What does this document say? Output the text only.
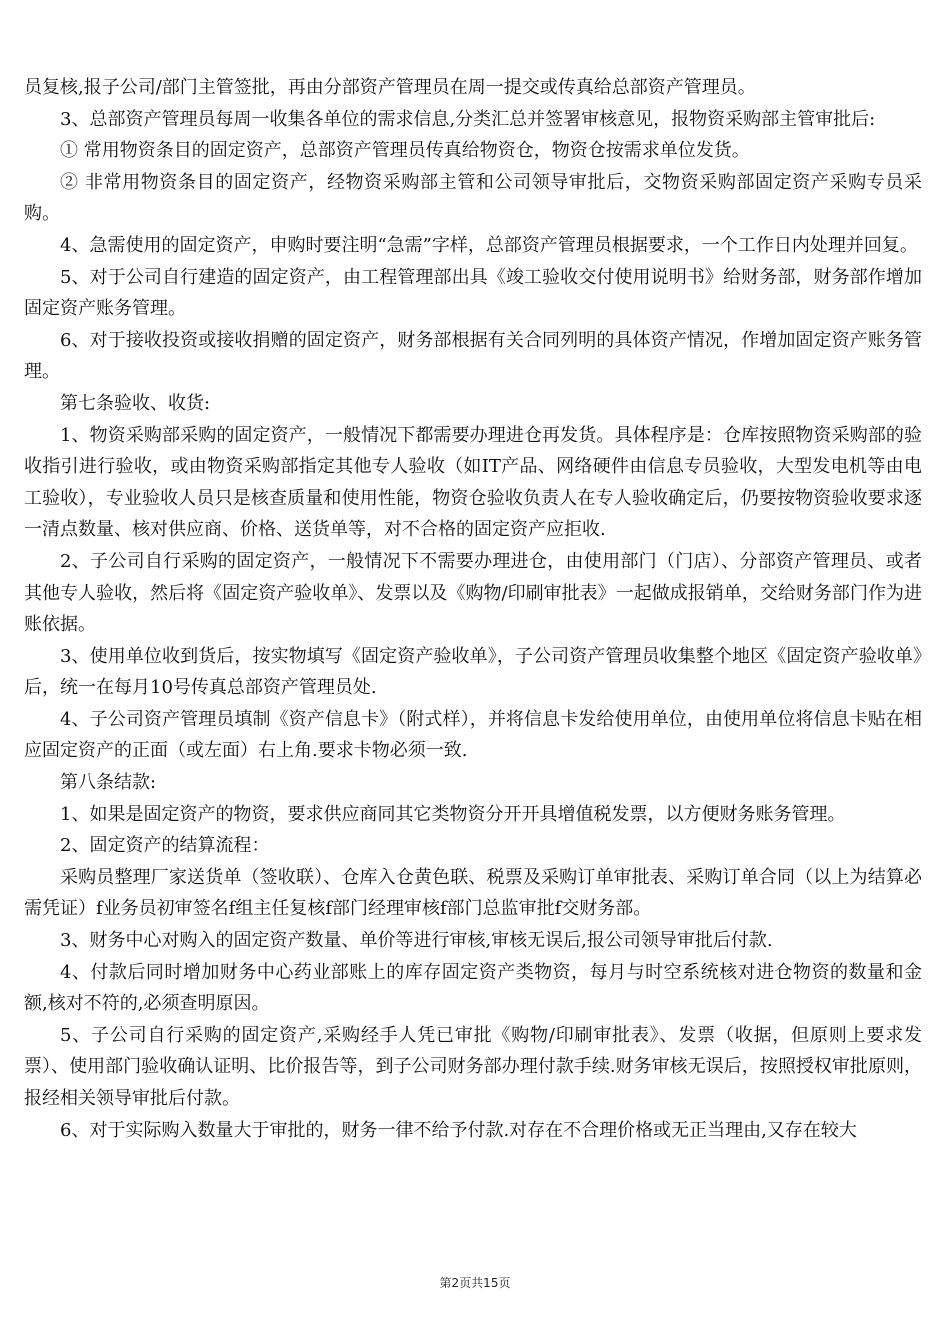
员复核,报子公司/部门主管签批，再由分部资产管理员在周一提交或传真给总部资产管理员。

3、总部资产管理员每周一收集各单位的需求信息,分类汇总并签署审核意见，报物资采购部主管审批后:

① 常用物资条目的固定资产，总部资产管理员传真给物资仓，物资仓按需求单位发货。

② 非常用物资条目的固定资产，经物资采购部主管和公司领导审批后，交物资采购部固定资产采购专员采购。

4、急需使用的固定资产，申购时要注明“急需”字样，总部资产管理员根据要求，一个工作日内处理并回复。

5、对于公司自行建造的固定资产，由工程管理部出具《竣工验收交付使用说明书》给财务部，财务部作增加固定资产账务管理。

6、对于接收投资或接收捐赠的固定资产，财务部根据有关合同列明的具体资产情况，作增加固定资产账务管理。

第七条验收、收货:

1、物资采购部采购的固定资产，一般情况下都需要办理进仓再发货。具体程序是：仓库按照物资采购部的验收指引进行验收，或由物资采购部指定其他专人验收（如IT产品、网络硬件由信息专员验收，大型发电机等由电工验收），专业验收人员只是核查质量和使用性能，物资仓验收负责人在专人验收确定后，仍要按物资验收要求逐一清点数量、核对供应商、价格、送货单等，对不合格的固定资产应拒收.

2、子公司自行采购的固定资产，一般情况下不需要办理进仓，由使用部门（门店）、分部资产管理员、或者其他专人验收，然后将《固定资产验收单》、发票以及《购物/印刷审批表》一起做成报销单，交给财务部门作为进账依据。

3、使用单位收到货后，按实物填写《固定资产验收单》，子公司资产管理员收集整个地区《固定资产验收单》后，统一在每月10号传真总部资产管理员处.

4、子公司资产管理员填制《资产信息卡》（附式样），并将信息卡发给使用单位，由使用单位将信息卡贴在相应固定资产的正面（或左面）右上角.要求卡物必须一致.

第八条结款:

1、如果是固定资产的物资，要求供应商同其它类物资分开开具增值税发票，以方便财务账务管理。

2、固定资产的结算流程：

采购员整理厂家送货单（签收联）、仓库入仓黄色联、税票及采购订单审批表、采购订单合同（以上为结算必需凭证）f业务员初审签名f组主任复核f部门经理审核f部门总监审批f交财务部。

3、财务中心对购入的固定资产数量、单价等进行审核,审核无误后,报公司领导审批后付款.

4、付款后同时增加财务中心药业部账上的库存固定资产类物资，每月与时空系统核对进仓物资的数量和金额,核对不符的,必须查明原因。

5、子公司自行采购的固定资产,采购经手人凭已审批《购物/印刷审批表》、发票（收据，但原则上要求发票）、使用部门验收确认证明、比价报告等，到子公司财务部办理付款手续.财务审核无误后，按照授权审批原则，报经相关领导审批后付款。

6、对于实际购入数量大于审批的，财务一律不给予付款.对存在不合理价格或无正当理由,又存在较大

第2页共15页
